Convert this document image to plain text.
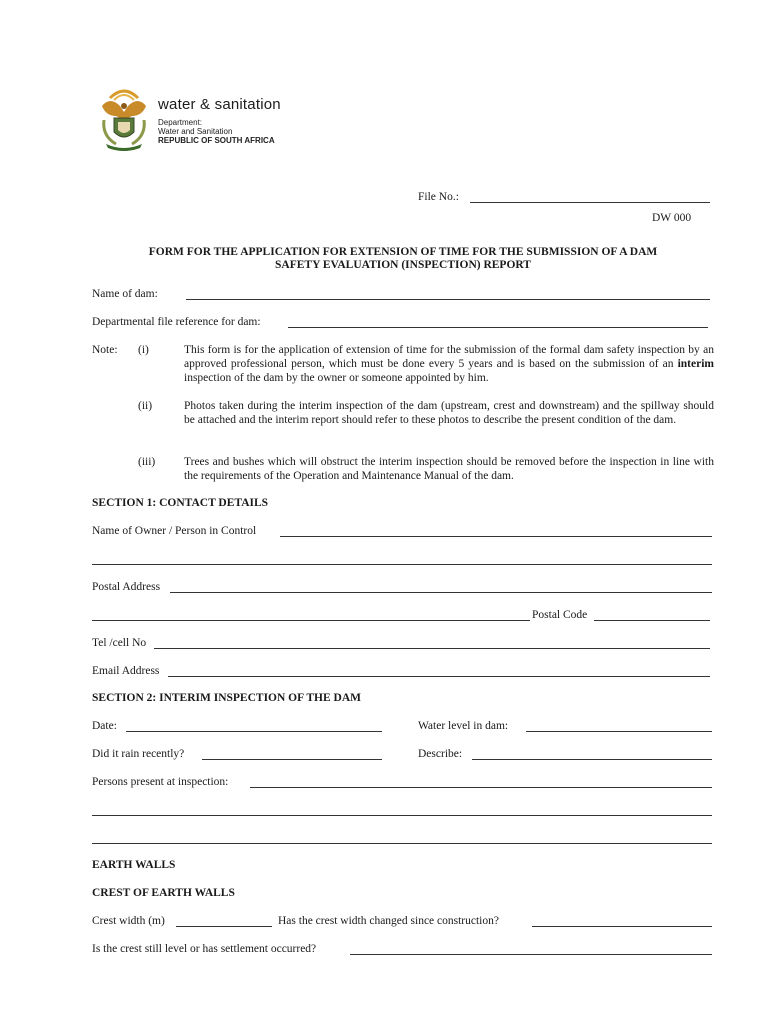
water & sanitation
Department:
Water and Sanitation
REPUBLIC OF SOUTH AFRICA
File No.:
DW 000
FORM FOR THE APPLICATION FOR EXTENSION OF TIME FOR THE SUBMISSION OF A DAM
SAFETY EVALUATION (INSPECTION) REPORT
Name of dam:
Departmental file reference for dam:
Note: (i)	This form is for the application of extension of time for the submission of the formal dam safety inspection by an approved professional person, which must be done every 5 years and is based on the submission of an interim inspection of the dam by the owner or someone appointed by him.
(ii)	Photos taken during the interim inspection of the dam (upstream, crest and downstream) and the spillway should be attached and the interim report should refer to these photos to describe the present condition of the dam.
(iii)	Trees and bushes which will obstruct the interim inspection should be removed before the inspection in line with the requirements of the Operation and Maintenance Manual of the dam.
SECTION 1: CONTACT DETAILS
Name of Owner / Person in Control
Postal Address
Postal Code
Tel /cell No
Email Address
SECTION 2: INTERIM INSPECTION OF THE DAM
Date:	Water level in dam:
Did it rain recently?	Describe:
Persons present at inspection:
EARTH WALLS
CREST OF EARTH WALLS
Crest width (m)	Has the crest width changed since construction?
Is the crest still level or has settlement occurred?
